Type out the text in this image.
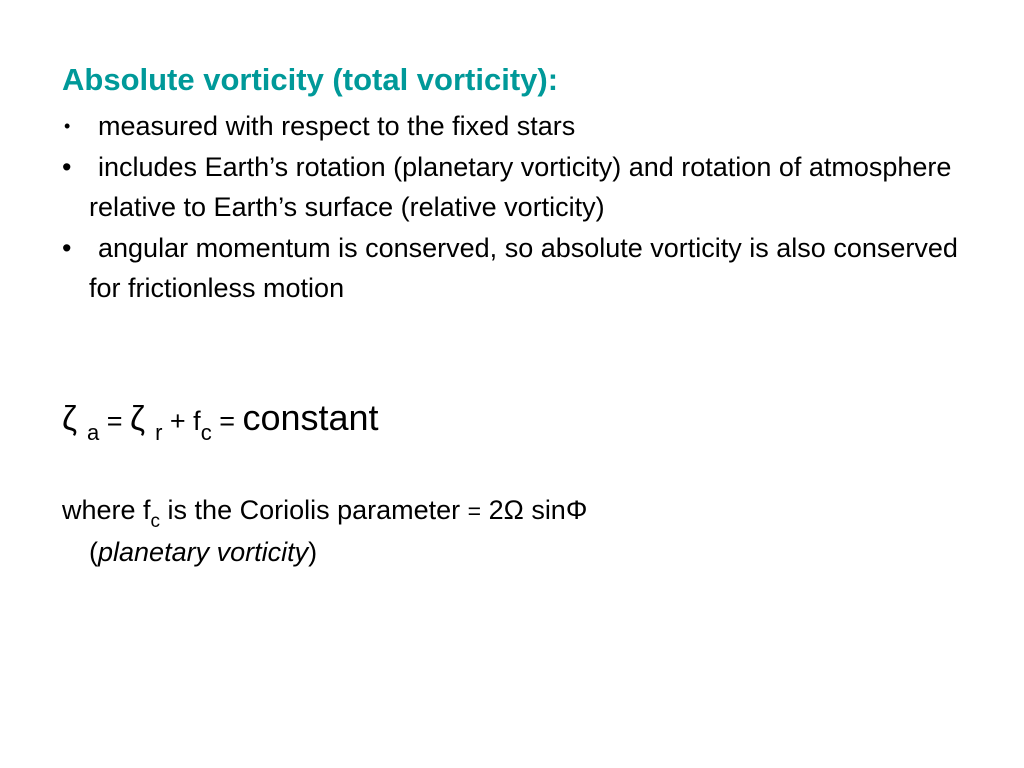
Absolute vorticity (total vorticity):
•	measured with respect to the fixed stars
• includes Earth’s rotation (planetary vorticity) and rotation of atmosphere relative to Earth’s surface (relative vorticity)
• angular momentum is conserved, so absolute vorticity is also conserved for frictionless motion
ζ $_a$ = ζ $_r + f_c$ = constant
where $f_c$ is the Coriolis parameter = 2Ω sinΦ
(planetary vorticity)
